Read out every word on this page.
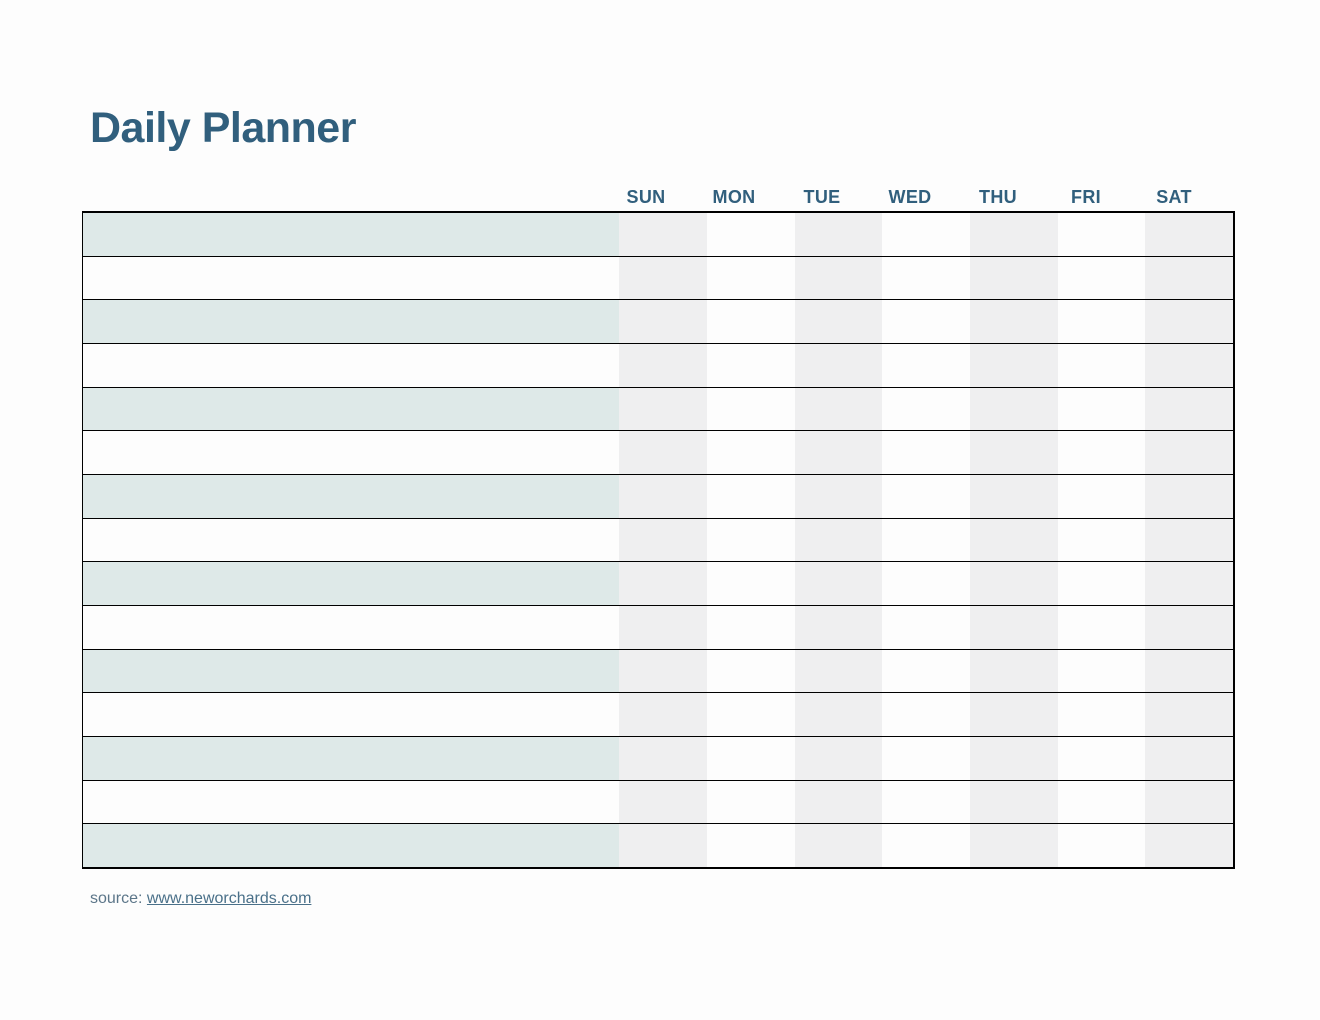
Daily Planner
SUN	MON	TUE	WED	THU	FRI	SAT
source: www.neworchards.com
